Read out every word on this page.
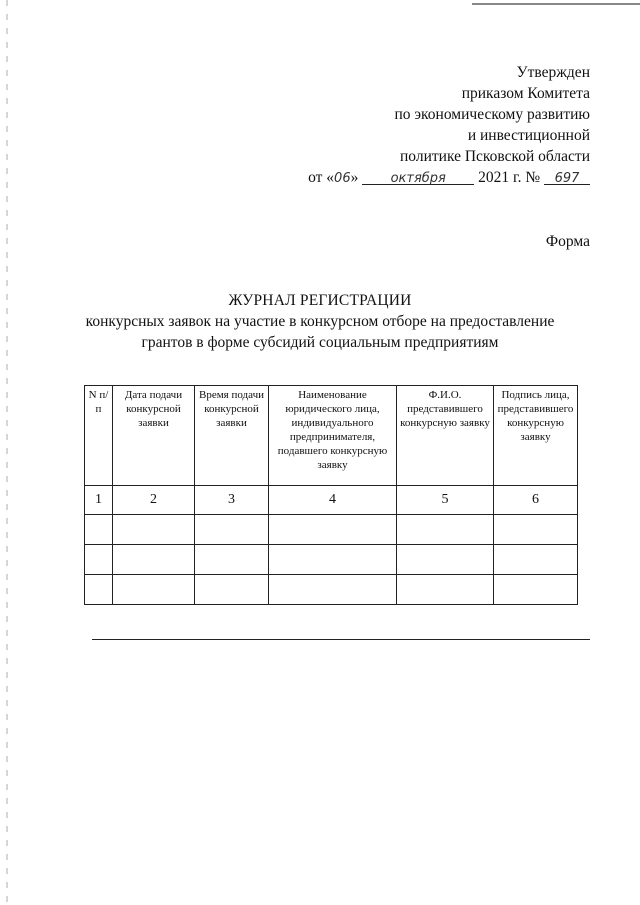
Утвержден
приказом Комитета
по экономическому развитию
и инвестиционной
политике Псковской области
от «06» октября 2021 г. № 697
Форма
ЖУРНАЛ РЕГИСТРАЦИИ
конкурсных заявок на участие в конкурсном отборе на предоставление
грантов в форме субсидий социальным предприятиям
N п/п	Дата подачи конкурсной заявки	Время подачи конкурсной заявки	Наименование юридического лица, индивидуального предпринимателя, подавшего конкурсную заявку	Ф.И.О. представившего конкурсную заявку	Подпись лица, представившего конкурсную заявку
1	2	3	4	5	6
